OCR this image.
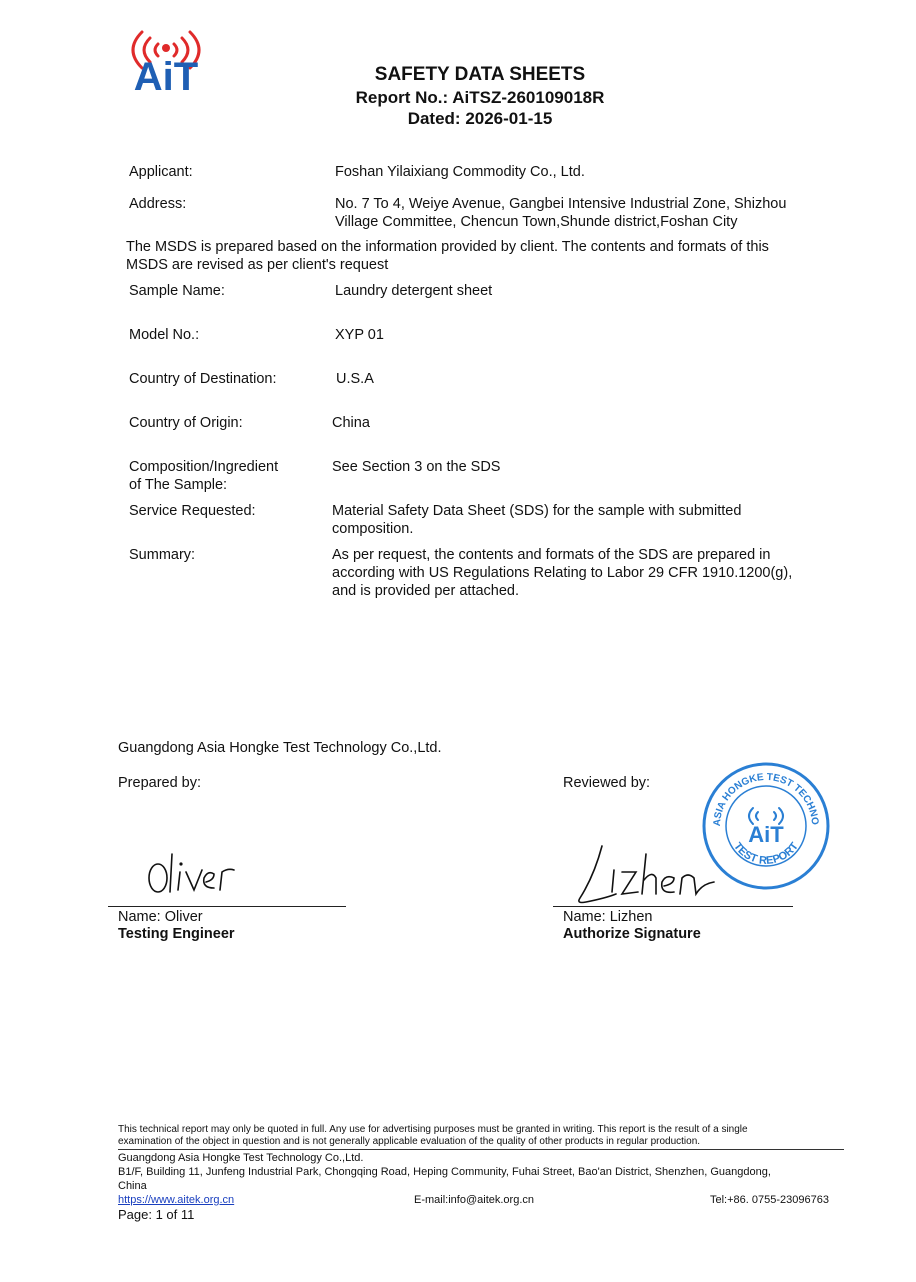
AiT	SAFETY DATA SHEETS
Report No.: AiTSZ-260109018R
Dated: 2026-01-15
Applicant:	Foshan Yilaixiang Commodity Co., Ltd.
Address:	No. 7 To 4, Weiye Avenue, Gangbei Intensive Industrial Zone, Shizhou
Village Committee, Chencun Town,Shunde district,Foshan City
The MSDS is prepared based on the information provided by client. The contents and formats of this
MSDS are revised as per client's request
Sample Name:	Laundry detergent sheet
Model No.:	XYP 01
Country of Destination:	U.S.A
Country of Origin:	China
Composition/Ingredient
of The Sample:
See Section 3 on the SDS
Service Requested:	Material Safety Data Sheet (SDS) for the sample with submitted
composition.
Summary:	As per request, the contents and formats of the SDS are prepared in
according with US Regulations Relating to Labor 29 CFR 1910.1200(g),
and is provided per attached.
Guangdong Asia Hongke Test Technology Co.,Ltd.
Prepared by:	Reviewed by:
ASIA HONGKE TEST TECHNO
TEST REPORT
AiT
Name: Oliver
Testing Engineer
Name: Lizhen
Authorize Signature
This technical report may only be quoted in full. Any use for advertising purposes must be granted in writing. This report is the result of a single
examination of the object in question and is not generally applicable evaluation of the quality of other products in regular production.
Guangdong Asia Hongke Test Technology Co.,Ltd.
B1/F, Building 11, Junfeng Industrial Park, Chongqing Road, Heping Community, Fuhai Street, Bao'an District, Shenzhen, Guangdong,
China
https://www.aitek.org.cn	E-mail:info@aitek.org.cn	Tel:+86. 0755-23096763
Page: 1 of 11
